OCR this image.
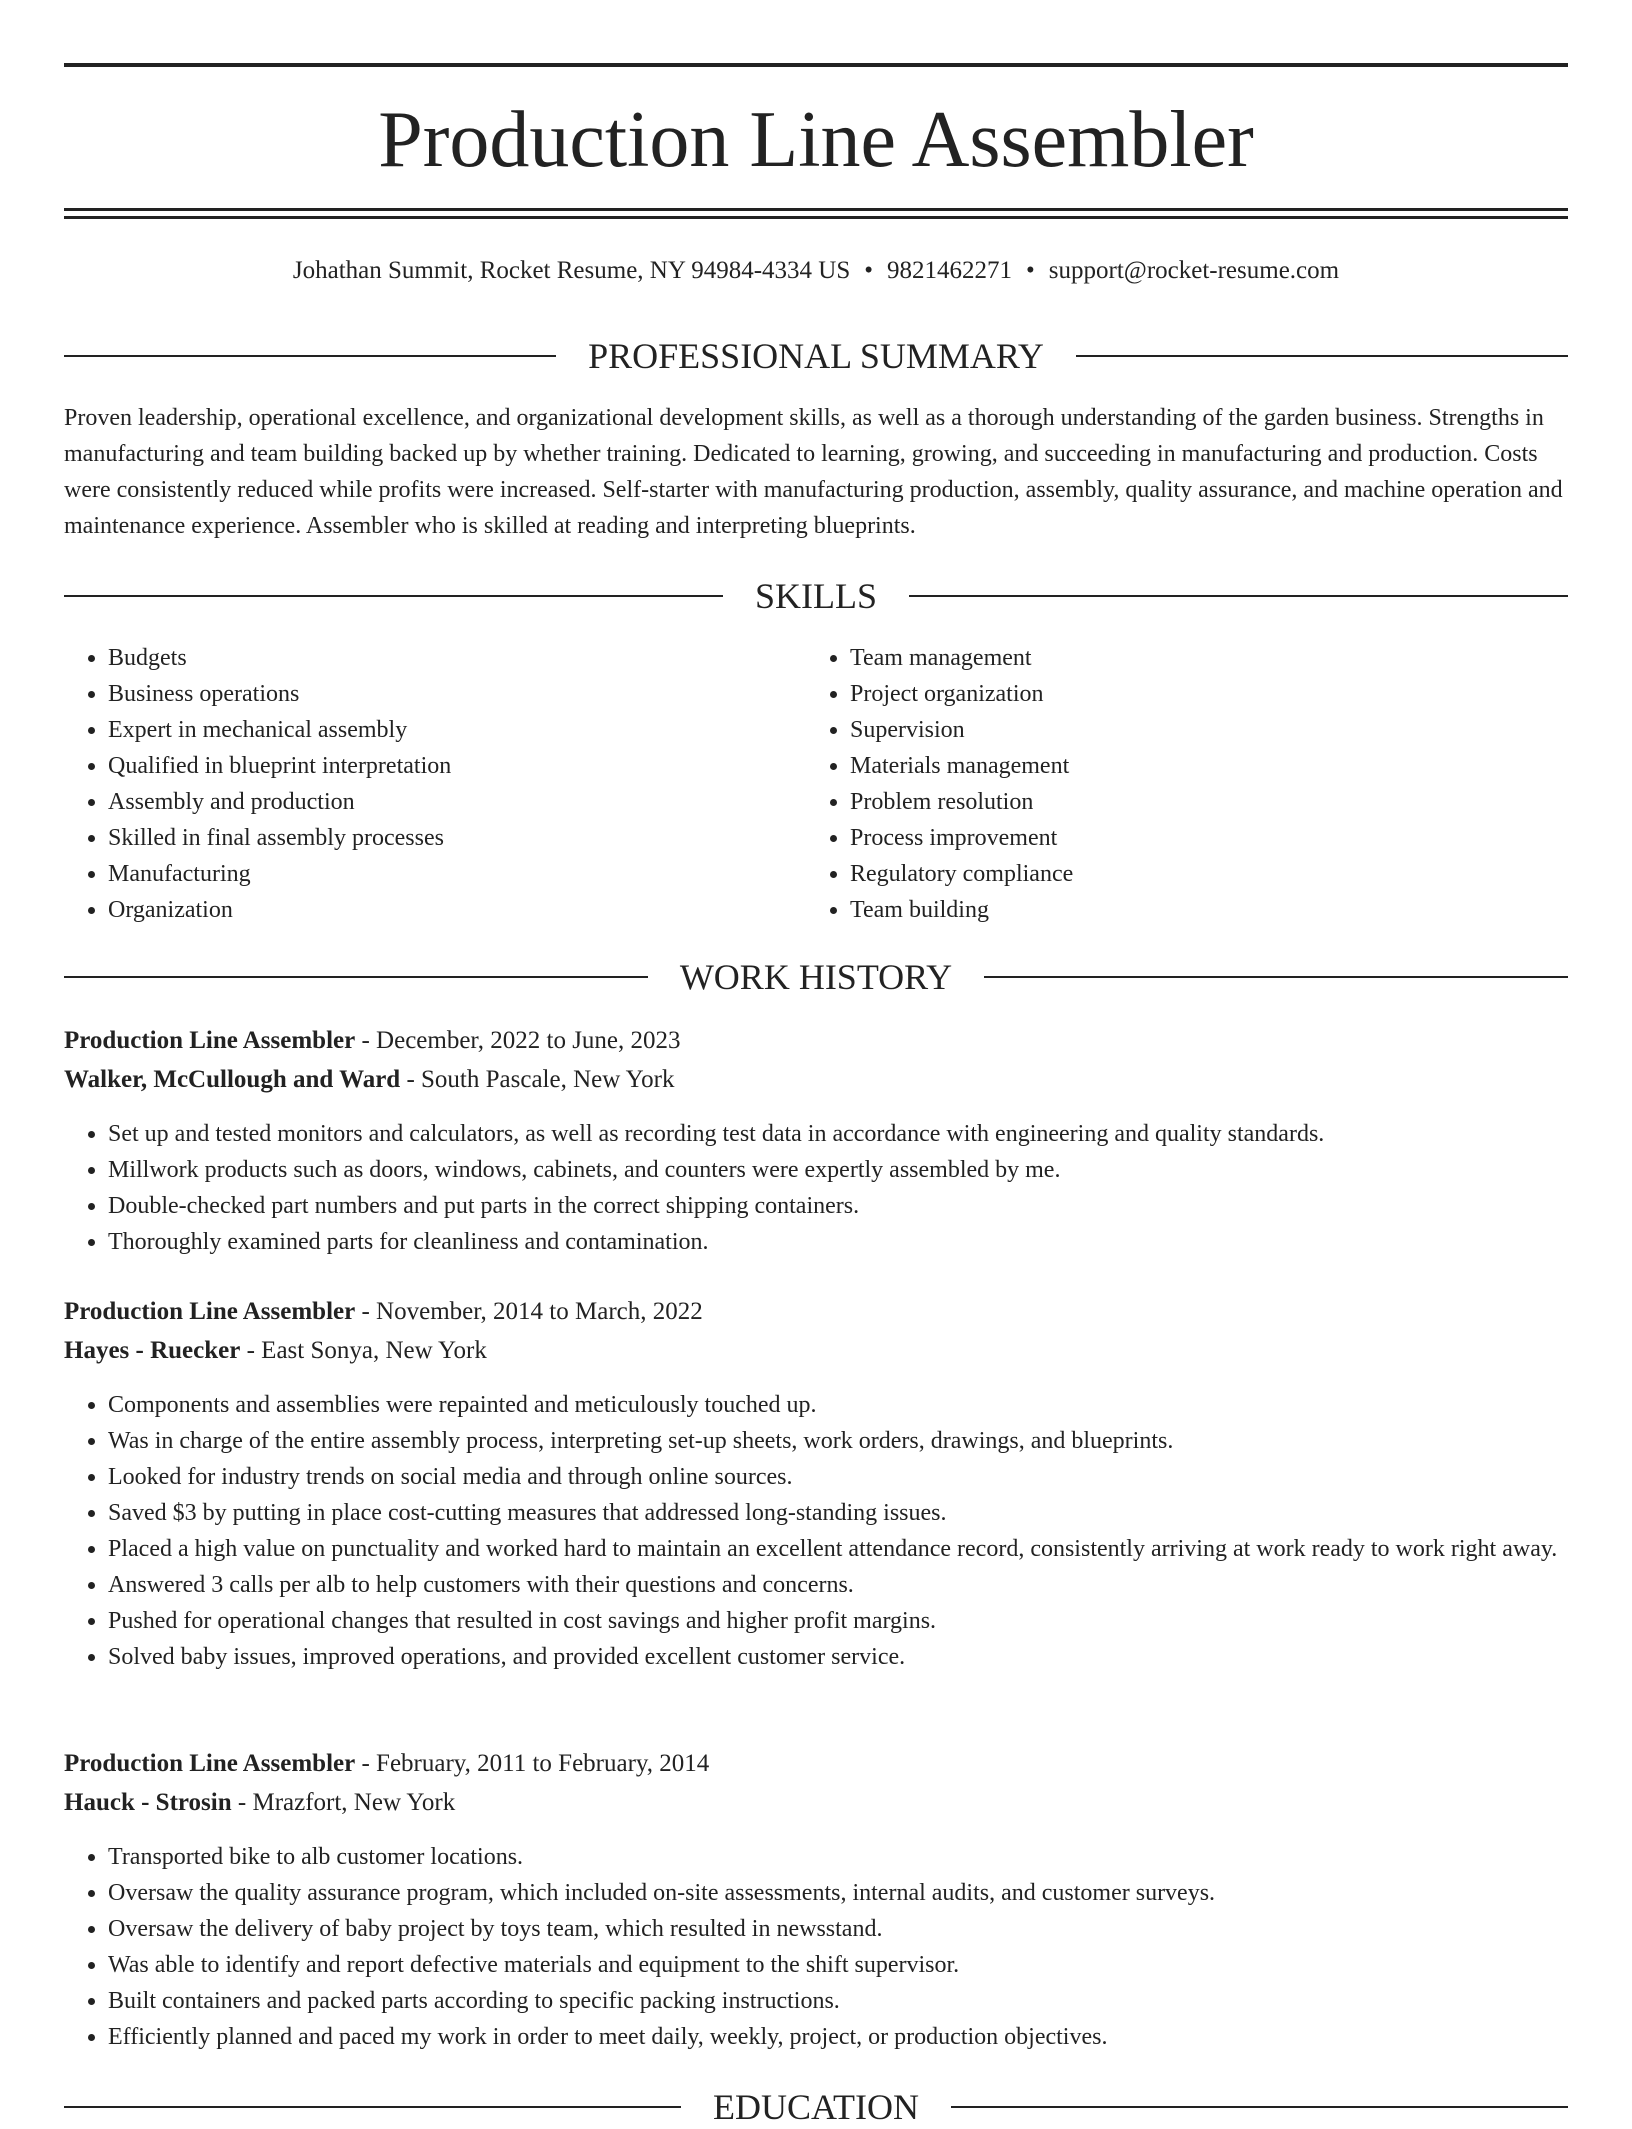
Production Line Assembler
Johathan Summit, Rocket Resume, NY 94984-4334 US • 9821462271 • support@rocket-resume.com
PROFESSIONAL SUMMARY

Proven leadership, operational excellence, and organizational development skills, as well as a thorough understanding of the garden business. Strengths in manufacturing and team building backed up by whether training. Dedicated to learning, growing, and succeeding in manufacturing and production. Costs were consistently reduced while profits were increased. Self-starter with manufacturing production, assembly, quality assurance, and machine operation and maintenance experience. Assembler who is skilled at reading and interpreting blueprints.

SKILLS
• Budgets
• Business operations
• Expert in mechanical assembly
• Qualified in blueprint interpretation
• Assembly and production
• Skilled in final assembly processes
• Manufacturing
• Organization
• Team management
• Project organization
• Supervision
• Materials management
• Problem resolution
• Process improvement
• Regulatory compliance
• Team building
WORK HISTORY
Production Line Assembler - December, 2022 to June, 2023
Walker, McCullough and Ward - South Pascale, New York
• Set up and tested monitors and calculators, as well as recording test data in accordance with engineering and quality standards.
• Millwork products such as doors, windows, cabinets, and counters were expertly assembled by me.
• Double-checked part numbers and put parts in the correct shipping containers.
• Thoroughly examined parts for cleanliness and contamination.
Production Line Assembler - November, 2014 to March, 2022
Hayes - Ruecker - East Sonya, New York
• Components and assemblies were repainted and meticulously touched up.
• Was in charge of the entire assembly process, interpreting set-up sheets, work orders, drawings, and blueprints.
• Looked for industry trends on social media and through online sources.
• Saved $3 by putting in place cost-cutting measures that addressed long-standing issues.
• Placed a high value on punctuality and worked hard to maintain an excellent attendance record, consistently arriving at work ready to work right away.
• Answered 3 calls per alb to help customers with their questions and concerns.
• Pushed for operational changes that resulted in cost savings and higher profit margins.
• Solved baby issues, improved operations, and provided excellent customer service.
Production Line Assembler - February, 2011 to February, 2014
Hauck - Strosin - Mrazfort, New York
• Transported bike to alb customer locations.
• Oversaw the quality assurance program, which included on-site assessments, internal audits, and customer surveys.
• Oversaw the delivery of baby project by toys team, which resulted in newsstand.
• Was able to identify and report defective materials and equipment to the shift supervisor.
• Built containers and packed parts according to specific packing instructions.
• Efficiently planned and paced my work in order to meet daily, weekly, project, or production objectives.
EDUCATION
